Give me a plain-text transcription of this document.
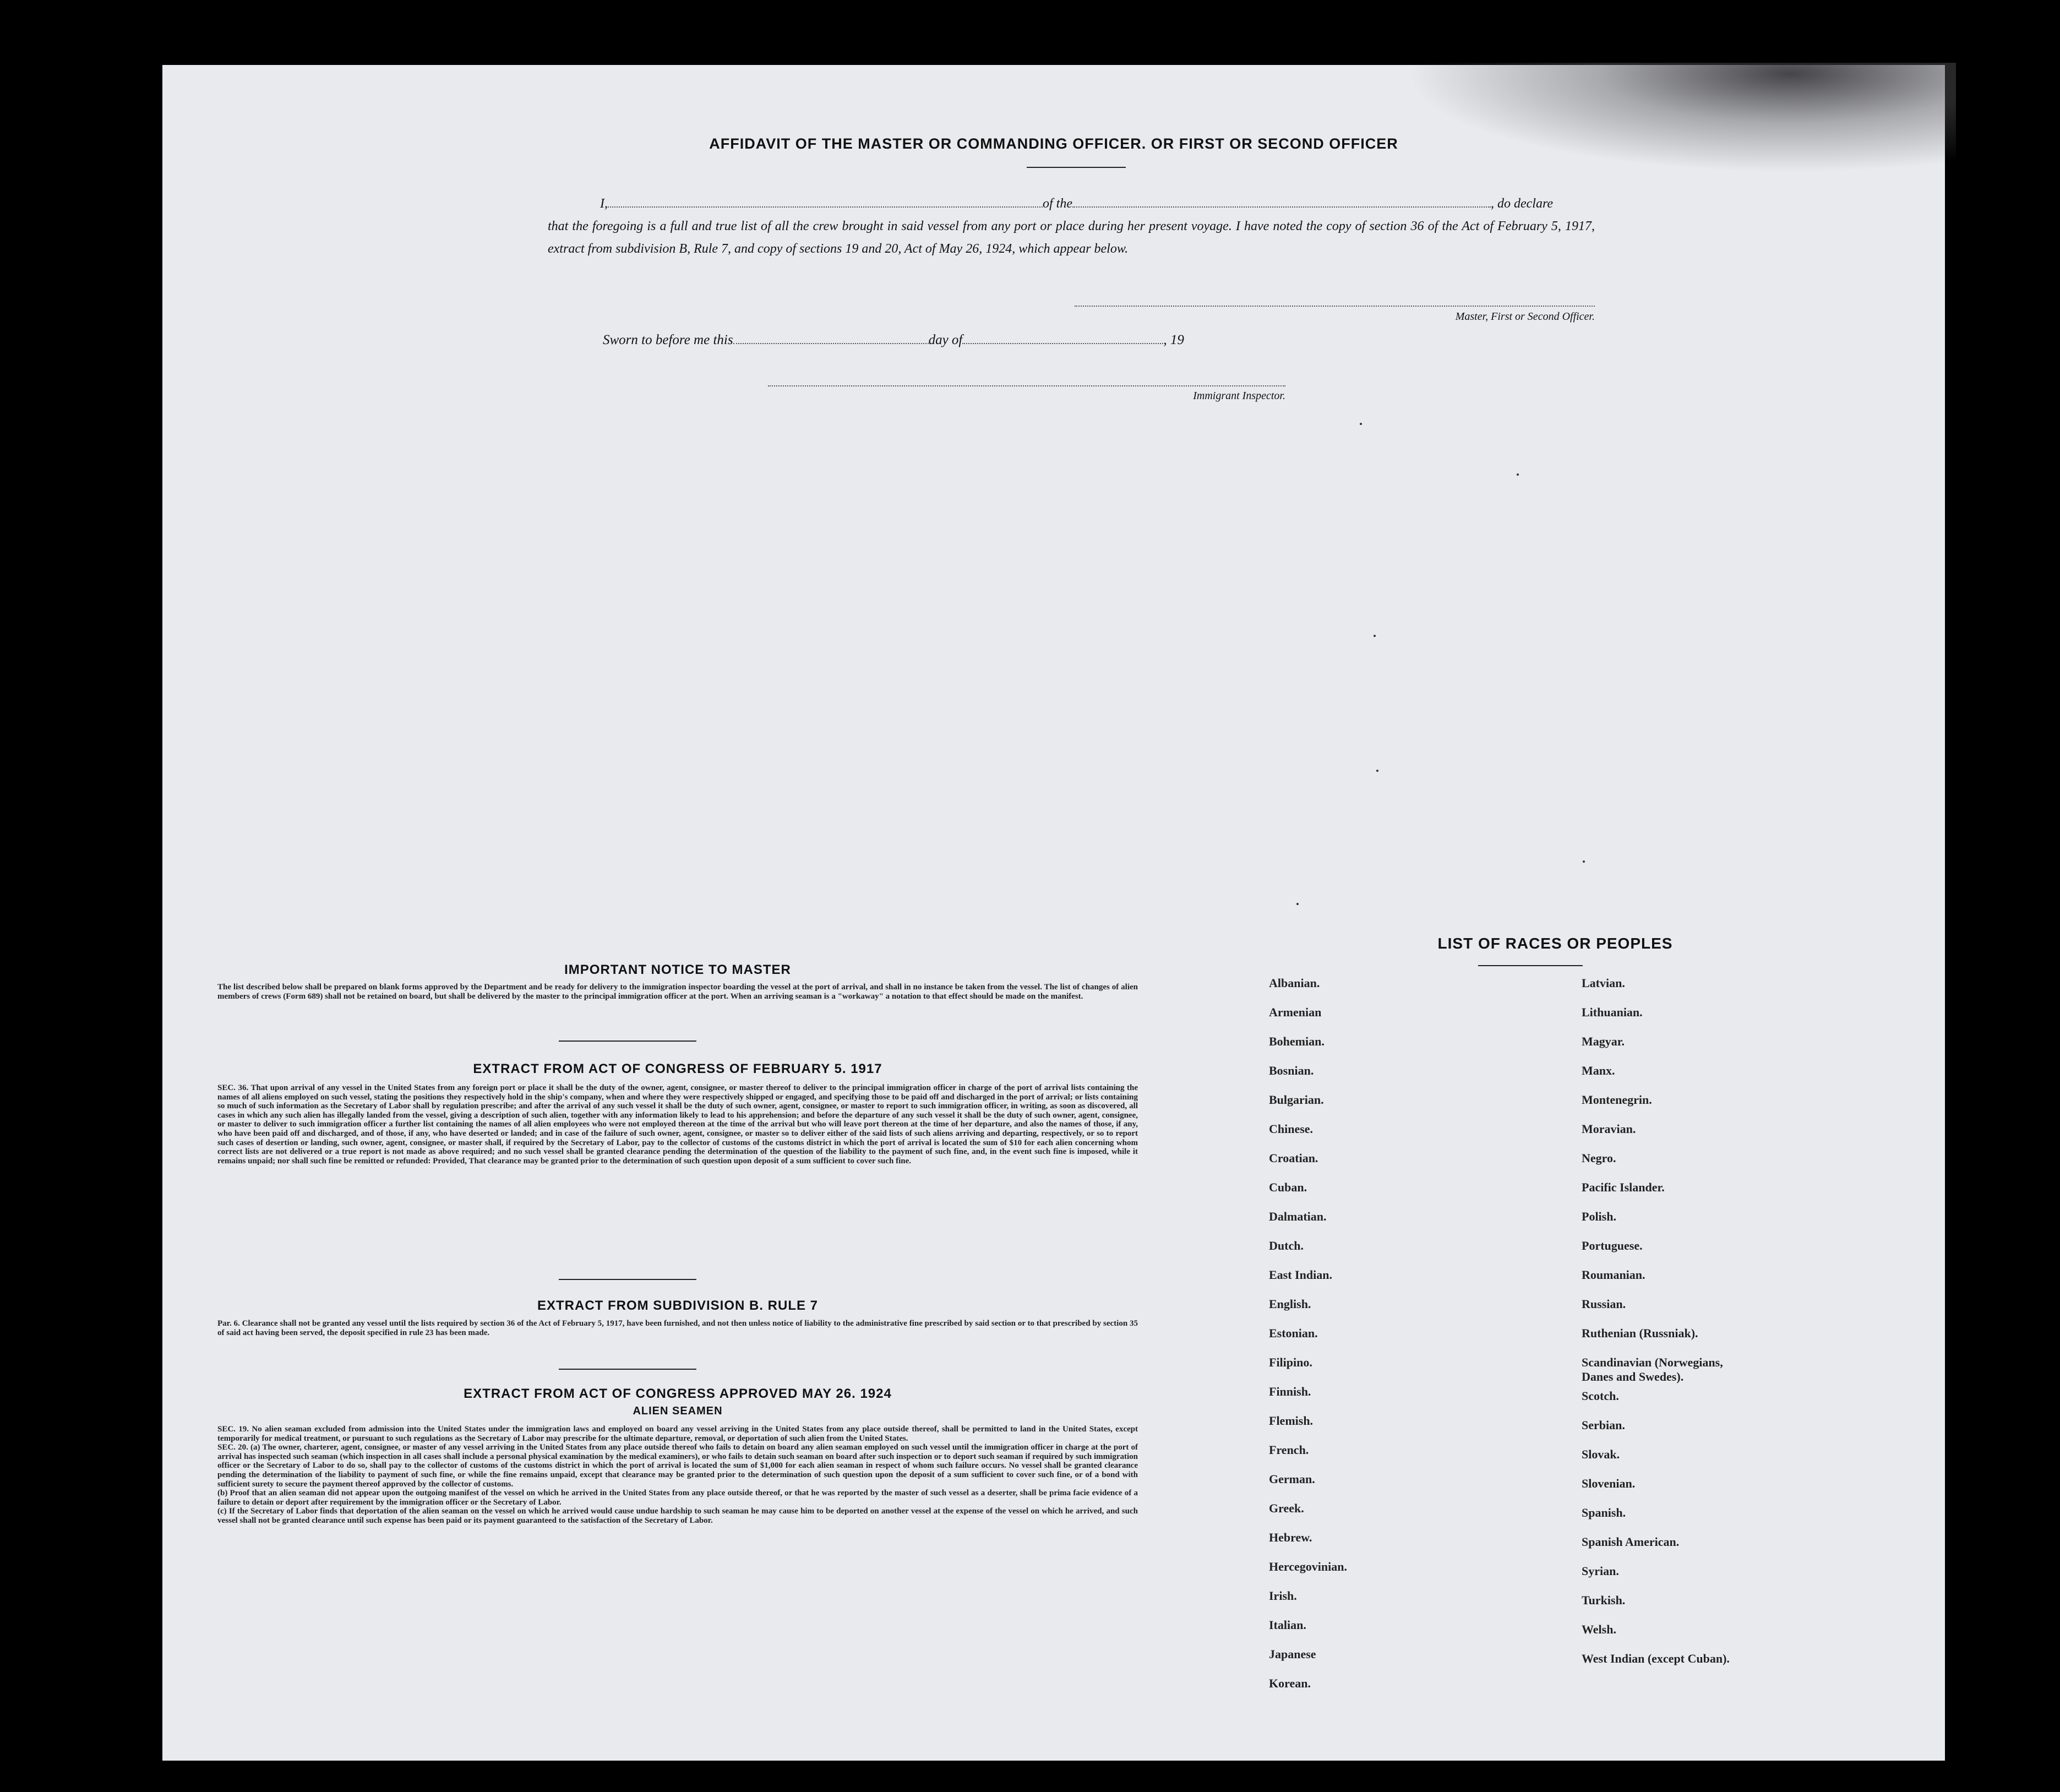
AFFIDAVIT OF THE MASTER OR COMMANDING OFFICER. OR FIRST OR SECOND OFFICER
I,	of the	, do declare
that the foregoing is a full and true list of all the crew brought in said vessel from any port or place during her present voyage. I have noted the copy of section 36 of the Act of February 5, 1917, extract from subdivision B, Rule 7, and copy of sections 19 and 20, Act of May 26, 1924, which appear below.
Master, First or Second Officer.
Sworn to before me this	day of	, 19
Immigrant Inspector.
IMPORTANT NOTICE TO MASTER
The list described below shall be prepared on blank forms approved by the Department and be ready for delivery to the immigration inspector boarding the vessel at the port of arrival, and shall in no instance be taken from the vessel. The list of changes of alien members of crews (Form 689) shall not be retained on board, but shall be delivered by the master to the principal immigration officer at the port. When an arriving seaman is a "workaway" a notation to that effect should be made on the manifest.
EXTRACT FROM ACT OF CONGRESS OF FEBRUARY 5. 1917
SEC. 36. That upon arrival of any vessel in the United States from any foreign port or place it shall be the duty of the owner, agent, consignee, or master thereof to deliver to the principal immigration officer in charge of the port of arrival lists containing the names of all aliens employed on such vessel, stating the positions they respectively hold in the ship's company, when and where they were respectively shipped or engaged, and specifying those to be paid off and discharged in the port of arrival; or lists containing so much of such information as the Secretary of Labor shall by regulation prescribe; and after the arrival of any such vessel it shall be the duty of such owner, agent, consignee, or master to report to such immigration officer, in writing, as soon as discovered, all cases in which any such alien has illegally landed from the vessel, giving a description of such alien, together with any information likely to lead to his apprehension; and before the departure of any such vessel it shall be the duty of such owner, agent, consignee, or master to deliver to such immigration officer a further list containing the names of all alien employees who were not employed thereon at the time of the arrival but who will leave port thereon at the time of her departure, and also the names of those, if any, who have been paid off and discharged, and of those, if any, who have deserted or landed; and in case of the failure of such owner, agent, consignee, or master so to deliver either of the said lists of such aliens arriving and departing, respectively, or so to report such cases of desertion or landing, such owner, agent, consignee, or master shall, if required by the Secretary of Labor, pay to the collector of customs of the customs district in which the port of arrival is located the sum of $10 for each alien concerning whom correct lists are not delivered or a true report is not made as above required; and no such vessel shall be granted clearance pending the determination of the question of the liability to the payment of such fine, and, in the event such fine is imposed, while it remains unpaid; nor shall such fine be remitted or refunded: Provided, That clearance may be granted prior to the determination of such question upon deposit of a sum sufficient to cover such fine.
EXTRACT FROM SUBDIVISION B. RULE 7
Par. 6. Clearance shall not be granted any vessel until the lists required by section 36 of the Act of February 5, 1917, have been furnished, and not then unless notice of liability to the administrative fine prescribed by said section or to that prescribed by section 35 of said act having been served, the deposit specified in rule 23 has been made.
EXTRACT FROM ACT OF CONGRESS APPROVED MAY 26. 1924
ALIEN SEAMEN
SEC. 19. No alien seaman excluded from admission into the United States under the immigration laws and employed on board any vessel arriving in the United States from any place outside thereof, shall be permitted to land in the United States, except temporarily for medical treatment, or pursuant to such regulations as the Secretary of Labor may prescribe for the ultimate departure, removal, or deportation of such alien from the United States.
SEC. 20. (a) The owner, charterer, agent, consignee, or master of any vessel arriving in the United States from any place outside thereof who fails to detain on board any alien seaman employed on such vessel until the immigration officer in charge at the port of arrival has inspected such seaman (which inspection in all cases shall include a personal physical examination by the medical examiners), or who fails to detain such seaman on board after such inspection or to deport such seaman if required by such immigration officer or the Secretary of Labor to do so, shall pay to the collector of customs of the customs district in which the port of arrival is located the sum of $1,000 for each alien seaman in respect of whom such failure occurs. No vessel shall be granted clearance pending the determination of the liability to payment of such fine, or while the fine remains unpaid, except that clearance may be granted prior to the determination of such question upon the deposit of a sum sufficient to cover such fine, or of a bond with sufficient surety to secure the payment thereof approved by the collector of customs.
(b) Proof that an alien seaman did not appear upon the outgoing manifest of the vessel on which he arrived in the United States from any place outside thereof, or that he was reported by the master of such vessel as a deserter, shall be prima facie evidence of a failure to detain or deport after requirement by the immigration officer or the Secretary of Labor.
(c) If the Secretary of Labor finds that deportation of the alien seaman on the vessel on which he arrived would cause undue hardship to such seaman he may cause him to be deported on another vessel at the expense of the vessel on which he arrived, and such vessel shall not be granted clearance until such expense has been paid or its payment guaranteed to the satisfaction of the Secretary of Labor.
LIST OF RACES OR PEOPLES
Albanian.
Armenian
Bohemian.
Bosnian.
Bulgarian.
Chinese.
Croatian.
Cuban.
Dalmatian.
Dutch.
East Indian.
English.
Estonian.
Filipino.
Finnish.
Flemish.
French.
German.
Greek.
Hebrew.
Hercegovinian.
Irish.
Italian.
Japanese
Korean.
Latvian.
Lithuanian.
Magyar.
Manx.
Montenegrin.
Moravian.
Negro.
Pacific Islander.
Polish.
Portuguese.
Roumanian.
Russian.
Ruthenian (Russniak).
Scandinavian (Norwegians,
Danes and Swedes).
Scotch.
Serbian.
Slovak.
Slovenian.
Spanish.
Spanish American.
Syrian.
Turkish.
Welsh.
West Indian (except Cuban).
